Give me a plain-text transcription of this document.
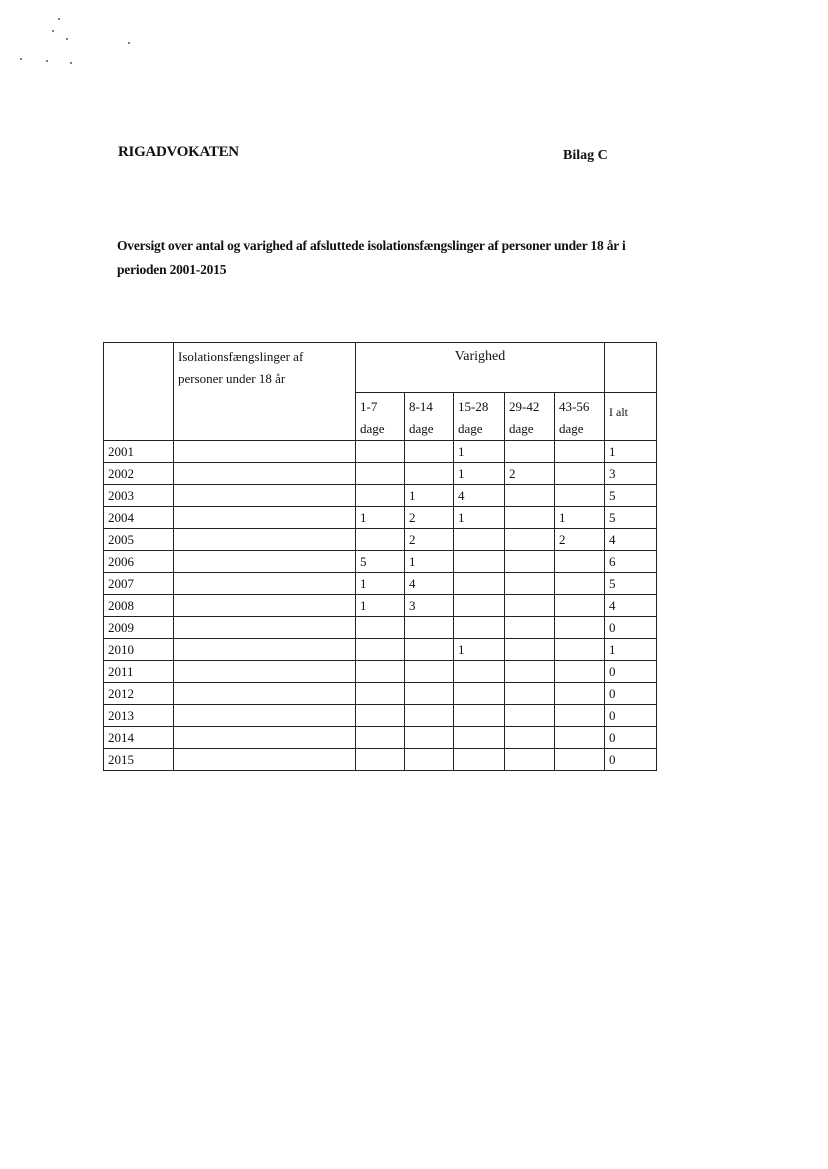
RIGADVOKATEN	Bilag C
Oversigt over antal og varighed af afsluttede isolationsfængslinger af personer under 18 år i perioden 2001-2015
	Isolationsfængslinger af personer under 18 år	Varighed					
		1-7 dage	8-14 dage	15-28 dage	29-42 dage	43-56 dage	I alt
2001				1			1
2002				1	2		3
2003			1	4			5
2004		1	2	1		1	5
2005			2			2	4
2006		5	1				6
2007		1	4				5
2008		1	3				4
2009							0
2010				1			1
2011							0
2012							0
2013							0
2014							0
2015							0
